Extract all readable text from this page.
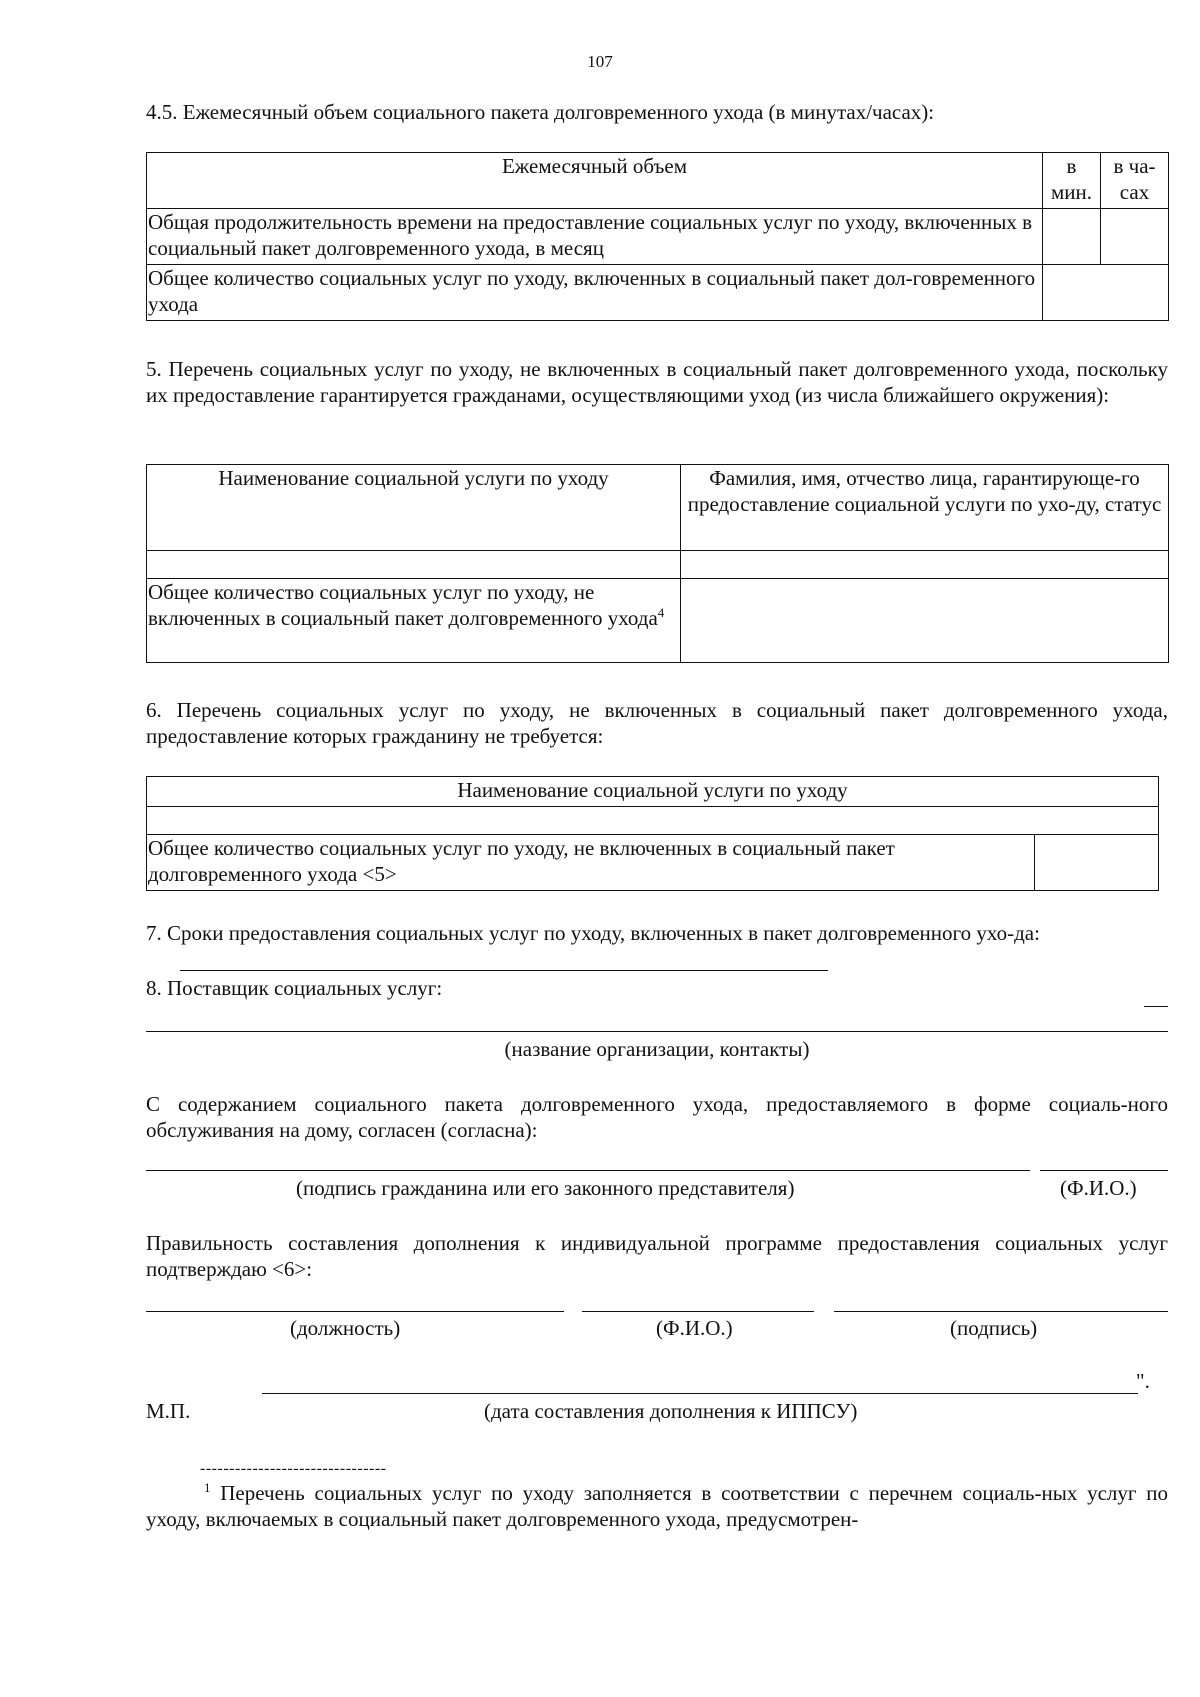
107
4.5. Ежемесячный объем социального пакета долговременного ухода (в минутах/часах):
Ежемесячный объем	в мин.	в ча-сах
Общая продолжительность времени на предоставление социальных услуг по уходу, включенных в социальный пакет долговременного ухода, в месяц		
Общее количество социальных услуг по уходу, включенных в социальный пакет дол-говременного ухода		
5. Перечень социальных услуг по уходу, не включенных в социальный пакет долговременного ухода, поскольку их предоставление гарантируется гражданами, осуществляющими уход (из числа ближайшего окружения):
Наименование социальной услуги по уходу	Фамилия, имя, отчество лица, гарантирующе-го предоставление социальной услуги по ухо-ду, статус

Общее количество социальных услуг по уходу, не включенных в социальный пакет долговременного ухода$^4$	
6. Перечень социальных услуг по уходу, не включенных в социальный пакет долговременного ухода, предоставление которых гражданину не требуется:
Наименование социальной услуги по уходу

Общее количество социальных услуг по уходу, не включенных в социальный пакет долговременного ухода <5>	
7. Сроки предоставления социальных услуг по уходу, включенных в пакет долговременного ухо-да:
8. Поставщик социальных услуг:
(название организации, контакты)
С содержанием социального пакета долговременного ухода, предоставляемого в форме социаль-ного обслуживания на дому, согласен (согласна):
(подпись гражданина или его законного представителя)	(Ф.И.О.)
Правильность составления дополнения к индивидуальной программе предоставления социальных услуг подтверждаю <6>:
(должность)	(Ф.И.О.)	(подпись)
".
М.П.	(дата составления дополнения к ИППСУ)
--------------------------------
$^1$ Перечень социальных услуг по уходу заполняется в соответствии с перечнем социаль-ных услуг по уходу, включаемых в социальный пакет долговременного ухода, предусмотрен-
